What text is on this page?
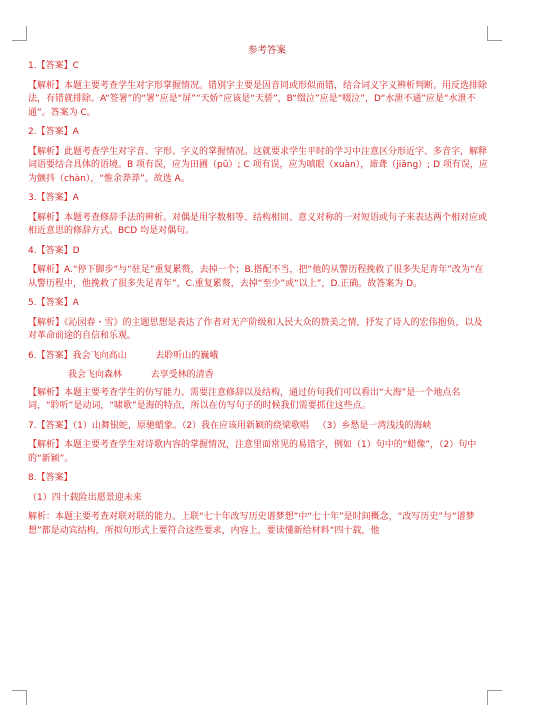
参考答案

1.【答案】C

【解析】本题主要考查学生对字形掌握情况。错别字主要是因音同或形似而错，结合词义字义辨析判断。用反选排除法，有错就排除。A“签署”的“署”应是“屏”“天娇”应该是“天骄”，B“缀泣”应是“啜泣”，D“水泄不通”应是“水泄不通”。答案为 C。

2.【答案】A

【解析】此题考查学生对字音、字形、字义的掌握情况。这就要求学生平时的学习中注意区分形近字、多音字，解释词语要结合具体的语境。B 项有误，应为田圃（pǔ）; C 项有误，应为嗔眼（xuàn），谛聋（jiǎng）; D 项有误，应为颤抖（chàn），“惟余莽莽”。故选 A。

3.【答案】A

【解析】本题考查修辞手法的辨析。对偶是用字数相等、结构相同、意义对称的一对短语或句子来表达两个相对应或相近意思的修辞方式。BCD 均是对偶句。

4.【答案】D

【解析】A.“停下脚步”与“驻足”重复累赘，去掉一个；B.搭配不当，把“他的从警历程挽救了很多失足青年”改为“在从警历程中，他挽救了很多失足青年”，C.重复累赘，去掉“至少”或“以上”，D.正确。故答案为 D。

5.【答案】A

【解析】《沁园春・雪》的主题思想是表达了作者对无产阶级和人民大众的赞美之情，抒发了诗人的宏伟抱负，以及对革命前途的自信和乐观。

6.【答案】我会飞向高山          去聆听山的巍峨

我会飞向森林          去享受林的清香

【解析】本题主要考查学生的仿写能力。需要注意修辞以及结构，通过仿句我们可以看出“大海”是一个地点名词，“聆听”是动词，“啸歌”是海的特点，所以在仿写句子的时候我们需要抓住这些点。

7.【答案】（1）山舞银蛇，原驰蜡象。（2）我在应该用新颖的绕梁歌唱   （3）乡愁是一湾浅浅的海峡

【解析】本题主要考查学生对诗歌内容的掌握情况，注意里面常见的易错字，例如（1）句中的“蜡像”，（2）句中的“新颖”。

8.【答案】

（1）四十载险出愿景迎未来

解析：本题主要考查对联对联的能力。上联“七十年改写历史谱梦想”中“七十年”是时间概念，“改写历史”与“谱梦想”都是动宾结构，所拟句形式上要符合这些要求，内容上，要读懂新给材料“四十载，他
